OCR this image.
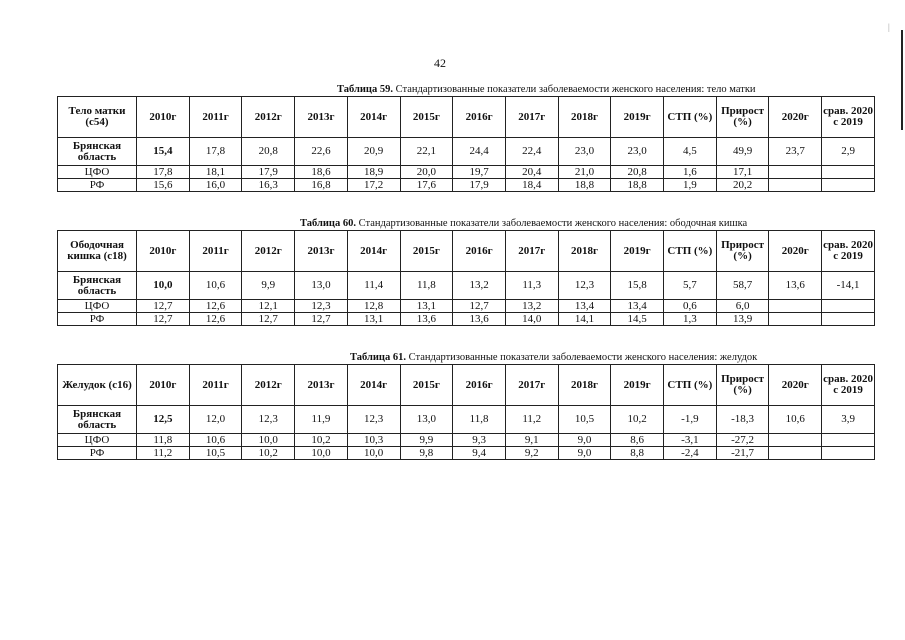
|
42
Таблица 59. Стандартизованные показатели заболеваемости женского населения: тело матки
Тело матки (c54)	2010г	2011г	2012г	2013г	2014г	2015г	2016г	2017г	2018г	2019г	СТП (%)	Прирост (%)	2020г	срав. 2020 с 2019
Брянская область	15,4	17,8	20,8	22,6	20,9	22,1	24,4	22,4	23,0	23,0	4,5	49,9	23,7	2,9
ЦФО	17,8	18,1	17,9	18,6	18,9	20,0	19,7	20,4	21,0	20,8	1,6	17,1		
РФ	15,6	16,0	16,3	16,8	17,2	17,6	17,9	18,4	18,8	18,8	1,9	20,2		
Таблица 60. Стандартизованные показатели заболеваемости женского населения: ободочная кишка
Ободочная кишка (c18)	2010г	2011г	2012г	2013г	2014г	2015г	2016г	2017г	2018г	2019г	СТП (%)	Прирост (%)	2020г	срав. 2020 с 2019
Брянская область	10,0	10,6	9,9	13,0	11,4	11,8	13,2	11,3	12,3	15,8	5,7	58,7	13,6	-14,1
ЦФО	12,7	12,6	12,1	12,3	12,8	13,1	12,7	13,2	13,4	13,4	0,6	6,0		
РФ	12,7	12,6	12,7	12,7	13,1	13,6	13,6	14,0	14,1	14,5	1,3	13,9		
Таблица 61. Стандартизованные показатели заболеваемости женского населения: желудок
Желудок (c16)	2010г	2011г	2012г	2013г	2014г	2015г	2016г	2017г	2018г	2019г	СТП (%)	Прирост (%)	2020г	срав. 2020 с 2019
Брянская область	12,5	12,0	12,3	11,9	12,3	13,0	11,8	11,2	10,5	10,2	-1,9	-18,3	10,6	3,9
ЦФО	11,8	10,6	10,0	10,2	10,3	9,9	9,3	9,1	9,0	8,6	-3,1	-27,2		
РФ	11,2	10,5	10,2	10,0	10,0	9,8	9,4	9,2	9,0	8,8	-2,4	-21,7		
